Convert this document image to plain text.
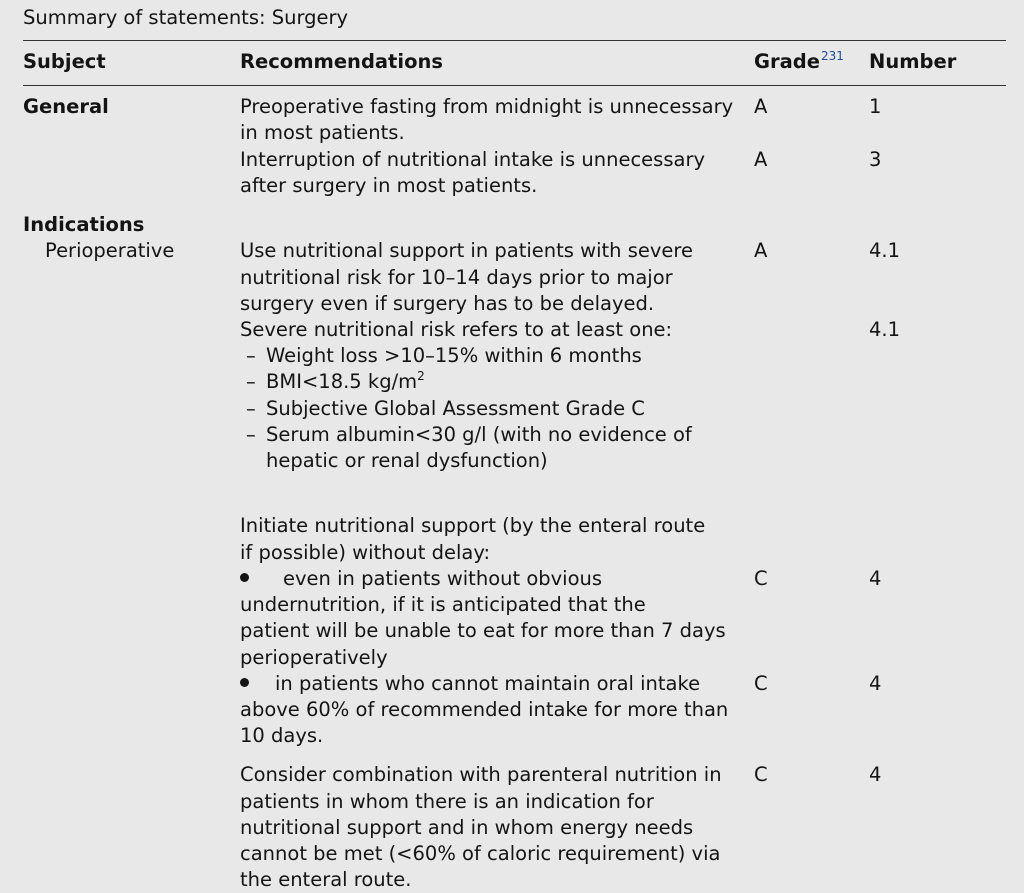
Summary of statements: Surgery
Subject	Recommendations	Grade$^{231}$ Number
General	Preoperative fasting from midnight is unnecessary
in most patients.
A	1
Interruption of nutritional intake is unnecessary
after surgery in most patients.
A	3
Indications
Perioperative	Use nutritional support in patients with severe
nutritional risk for 10–14 days prior to major
surgery even if surgery has to be delayed.
A	4.1
Severe nutritional risk refers to at least one:	4.1
– Weight loss >10–15% within 6 months
– BMI<18.5 $kg/m^2$
– Subjective Global Assessment Grade C
– Serum albumin<30 g/l (with no evidence of
hepatic or renal dysfunction)
Initiate nutritional support (by the enteral route
if possible) without delay:
even in patients without obvious
undernutrition, if it is anticipated that the
patient will be unable to eat for more than 7 days
perioperatively
C	4
in patients who cannot maintain oral intake
above 60% of recommended intake for more than
10 days.
C	4
Consider combination with parenteral nutrition in
patients in whom there is an indication for
nutritional support and in whom energy needs
cannot be met (<60% of caloric requirement) via
the enteral route.
C	4
